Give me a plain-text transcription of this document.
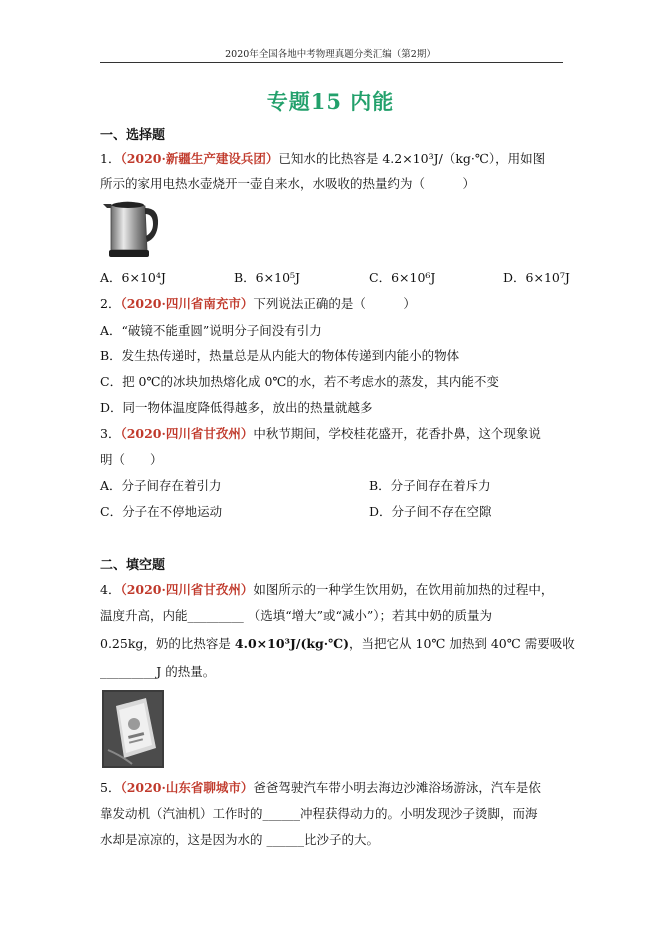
2020年全国各地中考物理真题分类汇编（第2期）
专题15 内能
一、选择题
1．（2020·新疆生产建设兵团）已知水的比热容是 4.2×10³J/（kg·℃），用如图
所示的家用电热水壶烧开一壶自来水，水吸收的热量约为（　　　）
A．6×10⁴J	B．6×10⁵J	C．6×10⁶J	D．6×10⁷J
2．（2020·四川省南充市）下列说法正确的是（　　　）
A．“破镜不能重圆”说明分子间没有引力
B．发生热传递时，热量总是从内能大的物体传递到内能小的物体
C．把 0℃的冰块加热熔化成 0℃的水，若不考虑水的蒸发，其内能不变
D．同一物体温度降低得越多，放出的热量就越多
3．（2020·四川省甘孜州）中秋节期间，学校桂花盛开，花香扑鼻，这个现象说
明（　　）
A．分子间存在着引力	B．分子间存在着斥力
C．分子在不停地运动	D．分子间不存在空隙
二、填空题
4．（2020·四川省甘孜州）如图所示的一种学生饮用奶，在饮用前加热的过程中，
温度升高，内能_________ （选填“增大”或“减小”）；若其中奶的质量为
0.25kg，奶的比热容是 4.0×10³J/(kg·℃)，当把它从 10℃ 加热到 40℃ 需要吸收
_________J 的热量。
5．（2020·山东省聊城市）爸爸驾驶汽车带小明去海边沙滩浴场游泳，汽车是依
靠发动机（汽油机）工作时的______冲程获得动力的。小明发现沙子烫脚，而海
水却是凉凉的，这是因为水的 ______比沙子的大。
